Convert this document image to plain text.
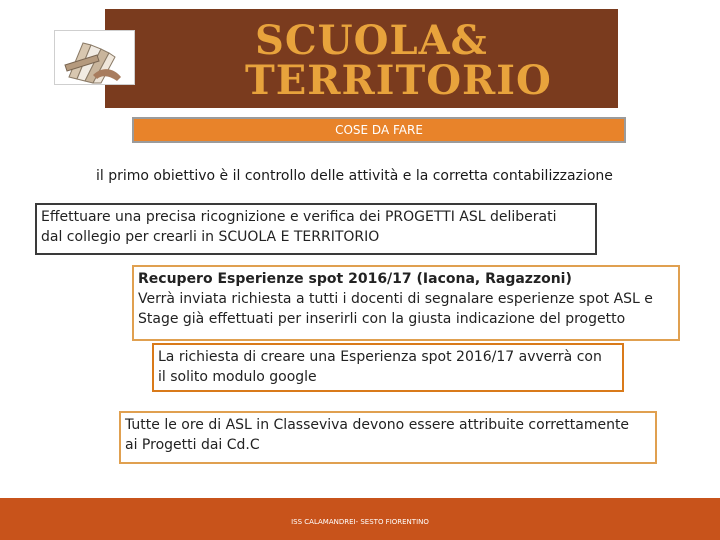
SCUOLA&
TERRITORIO
COSE DA FARE
il primo obiettivo è il controllo delle attività e la corretta contabilizzazione

Effettuare una precisa ricognizione e verifica dei PROGETTI ASL deliberati

dal collegio per crearli in SCUOLA E TERRITORIO

Recupero Esperienze spot 2016/17 (Iacona, Ragazzoni)

Verrà inviata richiesta a tutti i docenti di segnalare esperienze spot ASL e

Stage già effettuati per inserirli con la giusta indicazione del progetto

La richiesta di creare una Esperienza spot 2016/17 avverrà con

il solito modulo google

Tutte le ore di ASL in Classeviva devono essere attribuite correttamente

ai Progetti dai Cd.C

ISS CALAMANDREI- SESTO FIORENTINO
